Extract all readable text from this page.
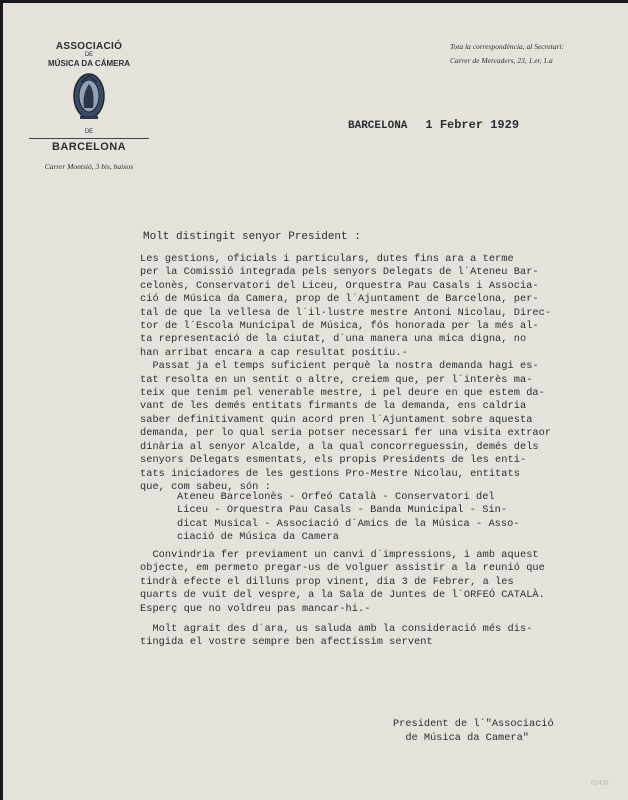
ASSOCIACIÓ
DE
MÚSICA DA CÁMERA
DE
BARCELONA
Carrer Montsió, 3 bis, baixos
Tota la correspondència, al Secretari:
Carrer de Mercaders, 23, 1.er, 1.a
BARCELONA 1 Febrer 1929
Molt distingit senyor President :
Les gestions, oficials i particulars, dutes fins ara a terme
per la Comissió integrada pels senyors Delegats de l´Ateneu Bar-
celonès, Conservatori del Liceu, Orquestra Pau Casals i Associa-
ció de Música da Camera, prop de l´Ajuntament de Barcelona, per-
tal de que la vellesa de l´il·lustre mestre Antoni Nicolau, Direc-
tor de l´Escola Municipal de Música, fós honorada per la més al-
ta representació de la ciutat, d´una manera una mica digna, no
han arribat encara a cap resultat positiu.-
Passat ja el temps suficient perquè la nostra demanda hagi es-
tat resolta en un sentit o altre, creiem que, per l´interès ma-
teix que tenim pel venerable mestre, i pel deure en que estem da-
vant de les demés entitats firmants de la demanda, ens caldria
saber definitivament quin acord pren l´Ajuntament sobre aquesta
demanda, per lo qual seria potser necessari fer una visita extraor
dinària al senyor Alcalde, a la qual concorreguessin, demés dels
senyors Delegats esmentats, els propis Presidents de les enti-
tats iniciadores de les gestions Pro-Mestre Nicolau, entitats
que, com sabeu, són :
Ateneu Barcelonès - Orfeó Català - Conservatori del
Liceu - Orquestra Pau Casals - Banda Municipal - Sin-
dicat Musical - Associació d´Amics de la Música - Asso-
ciació de Música da Camera
Convindria fer previament un canvi d´impressions, i amb aquest
objecte, em permeto pregar-us de volguer assistir a la reunió que
tindrà efecte el dilluns prop vinent, dia 3 de Febrer, a les
quarts de vuit del vespre, a la Sala de Juntes de l´ORFEÓ CATALÀ.
Esperç que no voldreu pas mancar-hi.-
Molt agrait des d´ara, us saluda amb la consideració més dis-
tingida el vostre sempre ben afectíssim servent
President de l´"Associació
de Música da Camera"
02410
